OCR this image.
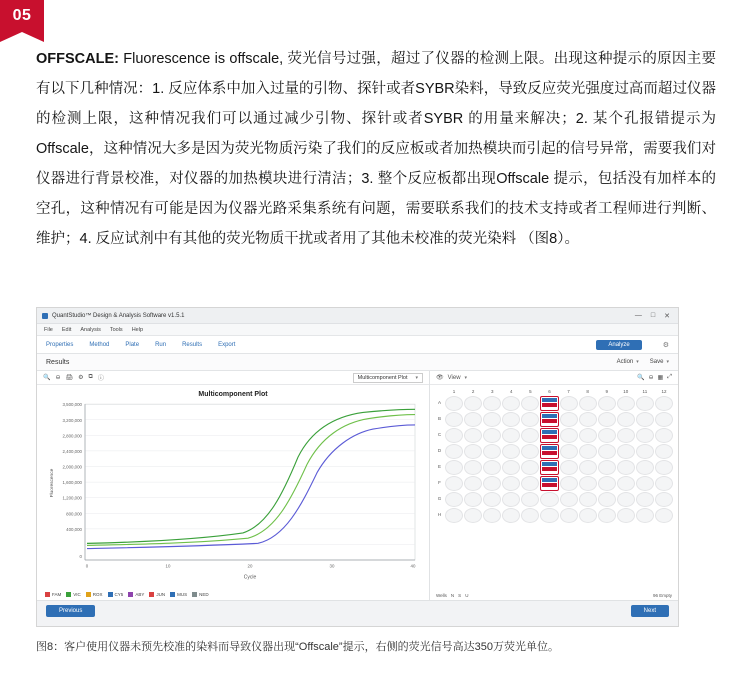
05
OFFSCALE: Fluorescence is offscale, 荧光信号过强，超过了仪器的检测上限。出现这种提示的原因主要有以下几种情况：1. 反应体系中加入过量的引物、探针或者SYBR染料，导致反应荧光强度过高而超过仪器的检测上限，这种情况我们可以通过减少引物、探针或者SYBR 的用量来解决；2. 某个孔报错提示为Offscale，这种情况大多是因为荧光物质污染了我们的反应板或者加热模块而引起的信号异常，需要我们对仪器进行背景校准，对仪器的加热模块进行清洁；3. 整个反应板都出现Offscale 提示，包括没有加样本的空孔，这种情况有可能是因为仪器光路采集系统有问题，需要联系我们的技术支持或者工程师进行判断、维护；4. 反应试剂中有其他的荧光物质干扰或者用了其他未校准的荧光染料 （图8）。
QuantStudio™ Design & Analysis Software v1.5.1	— □ ✕
File Edit Analysis Tools Help
Properties	Method	Plate	Run	Results	Export	Analyze	⚙
Results	Action ▾ Save ▾
🔍 ⊖ 🖨 ⚙ ⧉ ⓘ	Multicomponent Plot ▾
Multicomponent Plot
3,500,000
3,200,000
2,800,000
2,400,000
2,000,000
1,600,000
1,200,000
800,000
400,000
0
0	10	20	30	40
Cycle
Fluorescence
FAM	VIC	ROX	CY5	ABY	JUN	MUS	NED
👁 View ▾	🔍 ⊖ ▦ ⤢
1	2	3	4	5	6	7	8	9	10	11	12
A
B
C
D
E
F
G
H
Wells N S U	96 Empty
Previous	Next
图8：客户使用仪器未预先校准的染料而导致仪器出现“Offscale”提示，右侧的荧光信号高达350万荧光单位。
